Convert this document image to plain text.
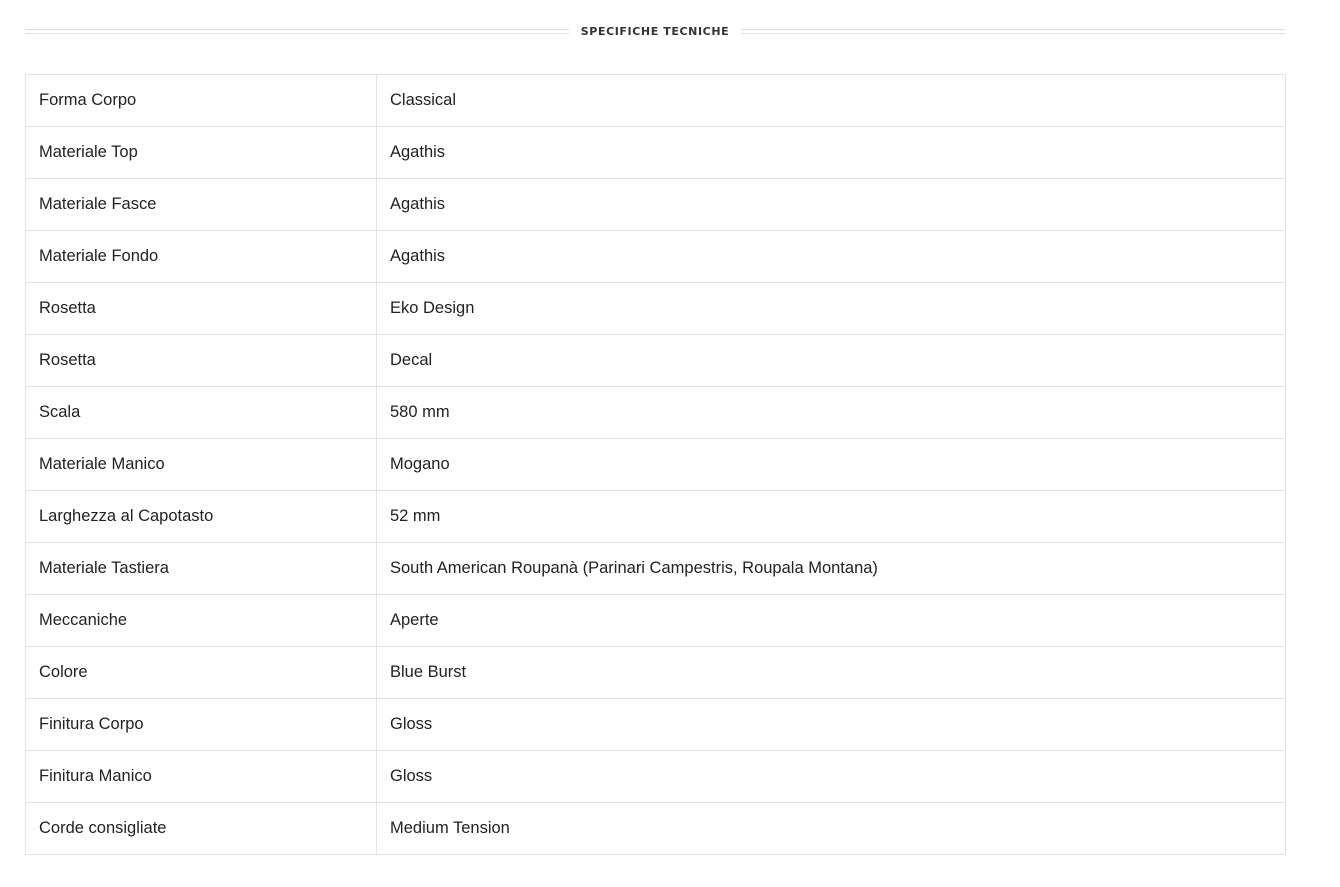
SPECIFICHE TECNICHE
Forma Corpo	Classical
Materiale Top	Agathis
Materiale Fasce	Agathis
Materiale Fondo	Agathis
Rosetta	Eko Design
Rosetta	Decal
Scala	580 mm
Materiale Manico	Mogano
Larghezza al Capotasto	52 mm
Materiale Tastiera	South American Roupanà (Parinari Campestris, Roupala Montana)
Meccaniche	Aperte
Colore	Blue Burst
Finitura Corpo	Gloss
Finitura Manico	Gloss
Corde consigliate	Medium Tension
